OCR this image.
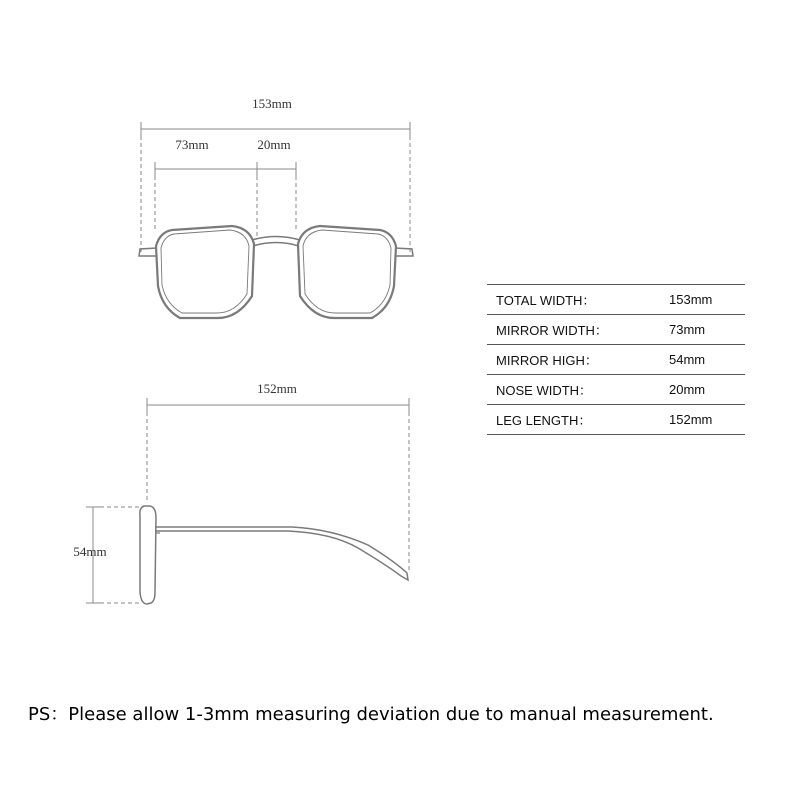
153mm
73mm	20mm
152mm
54mm
TOTAL WIDTH：	153mm
MIRROR WIDTH：	73mm
MIRROR HIGH：	54mm
NOSE WIDTH：	20mm
LEG LENGTH：	152mm
PS：Please allow 1-3mm measuring deviation due to manual measurement.
